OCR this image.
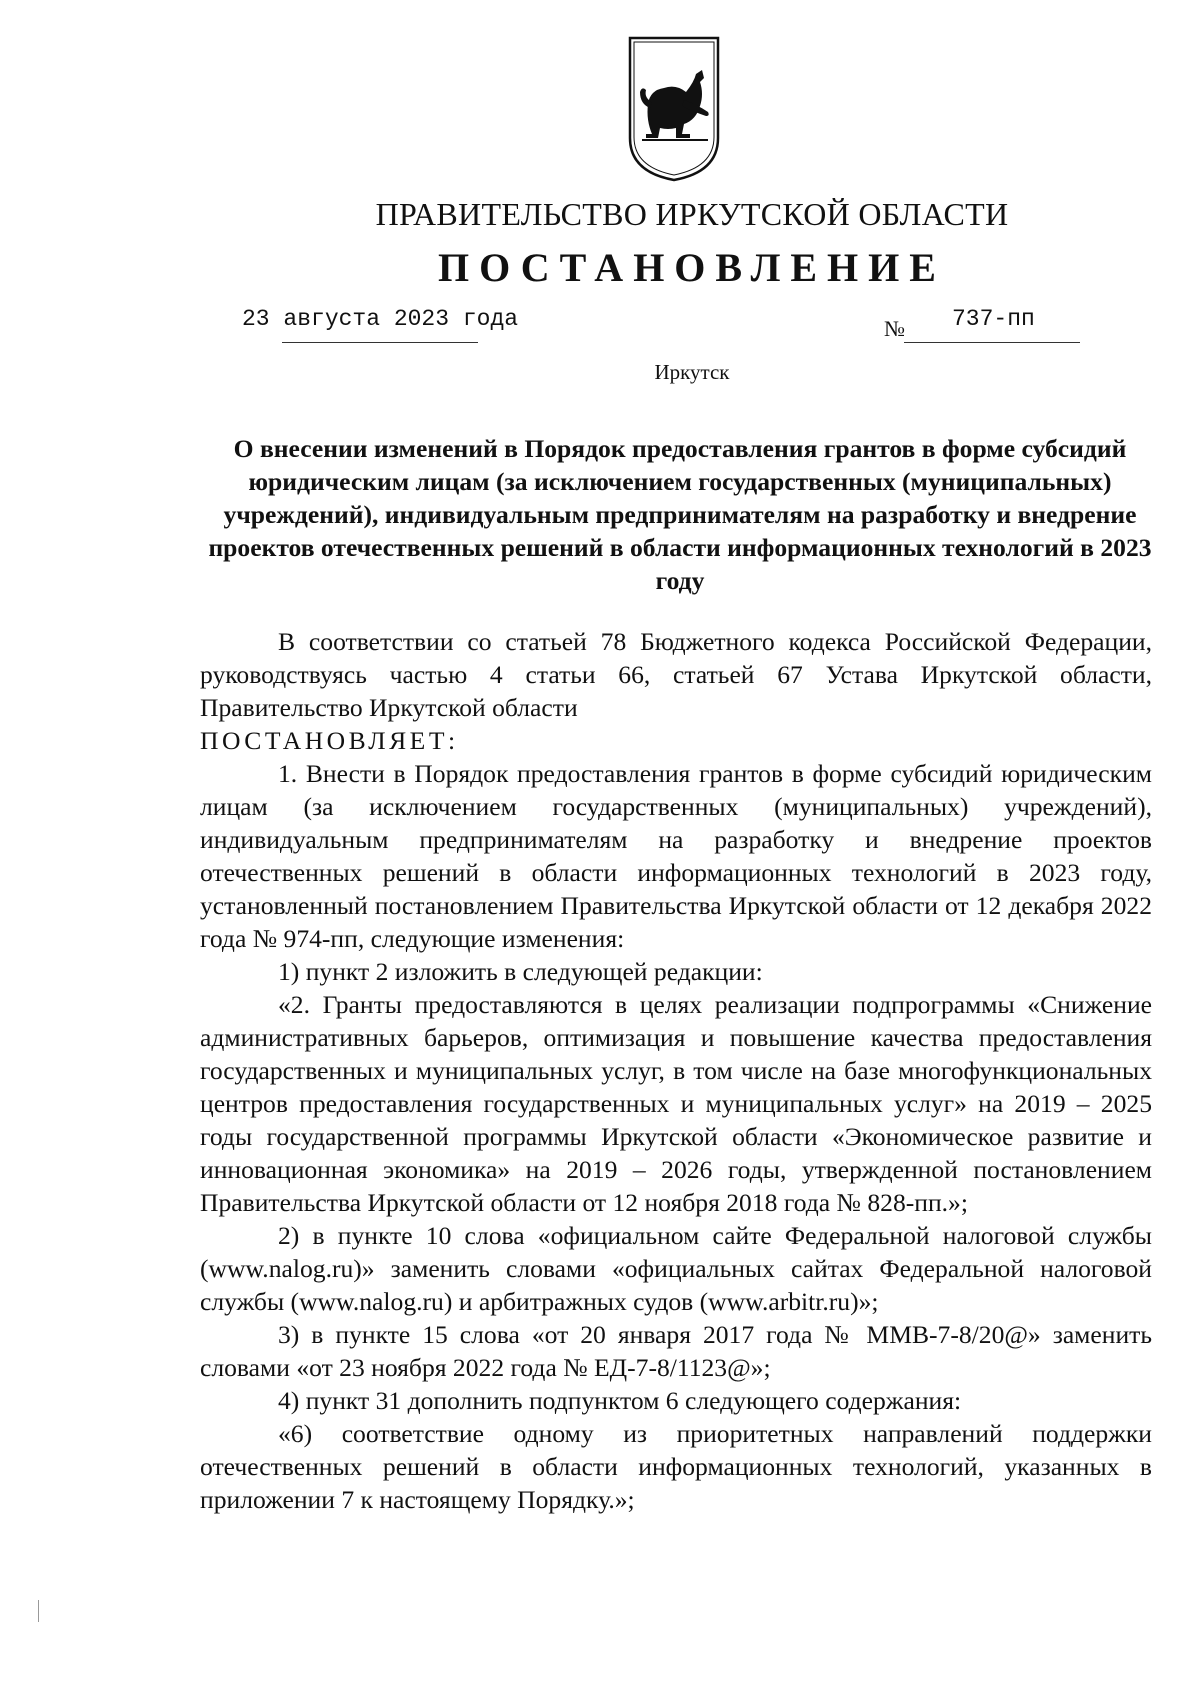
ПРАВИТЕЛЬСТВО ИРКУТСКОЙ ОБЛАСТИ
ПОСТАНОВЛЕНИЕ
23 августа 2023 года	№ 737-пп
Иркутск
О внесении изменений в Порядок предоставления грантов в форме субсидий юридическим лицам (за исключением государственных (муниципальных) учреждений), индивидуальным предпринимателям на разработку и внедрение проектов отечественных решений в области информационных технологий в 2023 году

В соответствии со статьей 78 Бюджетного кодекса Российской Федерации, руководствуясь частью 4 статьи 66, статьей 67 Устава Иркутской области, Правительство Иркутской области

ПОСТАНОВЛЯЕТ:

1. Внести в Порядок предоставления грантов в форме субсидий юридическим лицам (за исключением государственных (муниципальных) учреждений), индивидуальным предпринимателям на разработку и внедрение проектов отечественных решений в области информационных технологий в 2023 году, установленный постановлением Правительства Иркутской области от 12 декабря 2022 года № 974-пп, следующие изменения:

1) пункт 2 изложить в следующей редакции:

«2. Гранты предоставляются в целях реализации подпрограммы «Снижение административных барьеров, оптимизация и повышение качества предоставления государственных и муниципальных услуг, в том числе на базе многофункциональных центров предоставления государственных и муниципальных услуг» на 2019 – 2025 годы государственной программы Иркутской области «Экономическое развитие и инновационная экономика» на 2019 – 2026 годы, утвержденной постановлением Правительства Иркутской области от 12 ноября 2018 года № 828-пп.»;

2) в пункте 10 слова «официальном сайте Федеральной налоговой службы (www.nalog.ru)» заменить словами «официальных сайтах Федеральной налоговой службы (www.nalog.ru) и арбитражных судов (www.arbitr.ru)»;

3) в пункте 15 слова «от 20 января 2017 года № ММВ-7-8/20@» заменить словами «от 23 ноября 2022 года № ЕД-7-8/1123@»;

4) пункт 31 дополнить подпунктом 6 следующего содержания:

«6) соответствие одному из приоритетных направлений поддержки отечественных решений в области информационных технологий, указанных в приложении 7 к настоящему Порядку.»;
